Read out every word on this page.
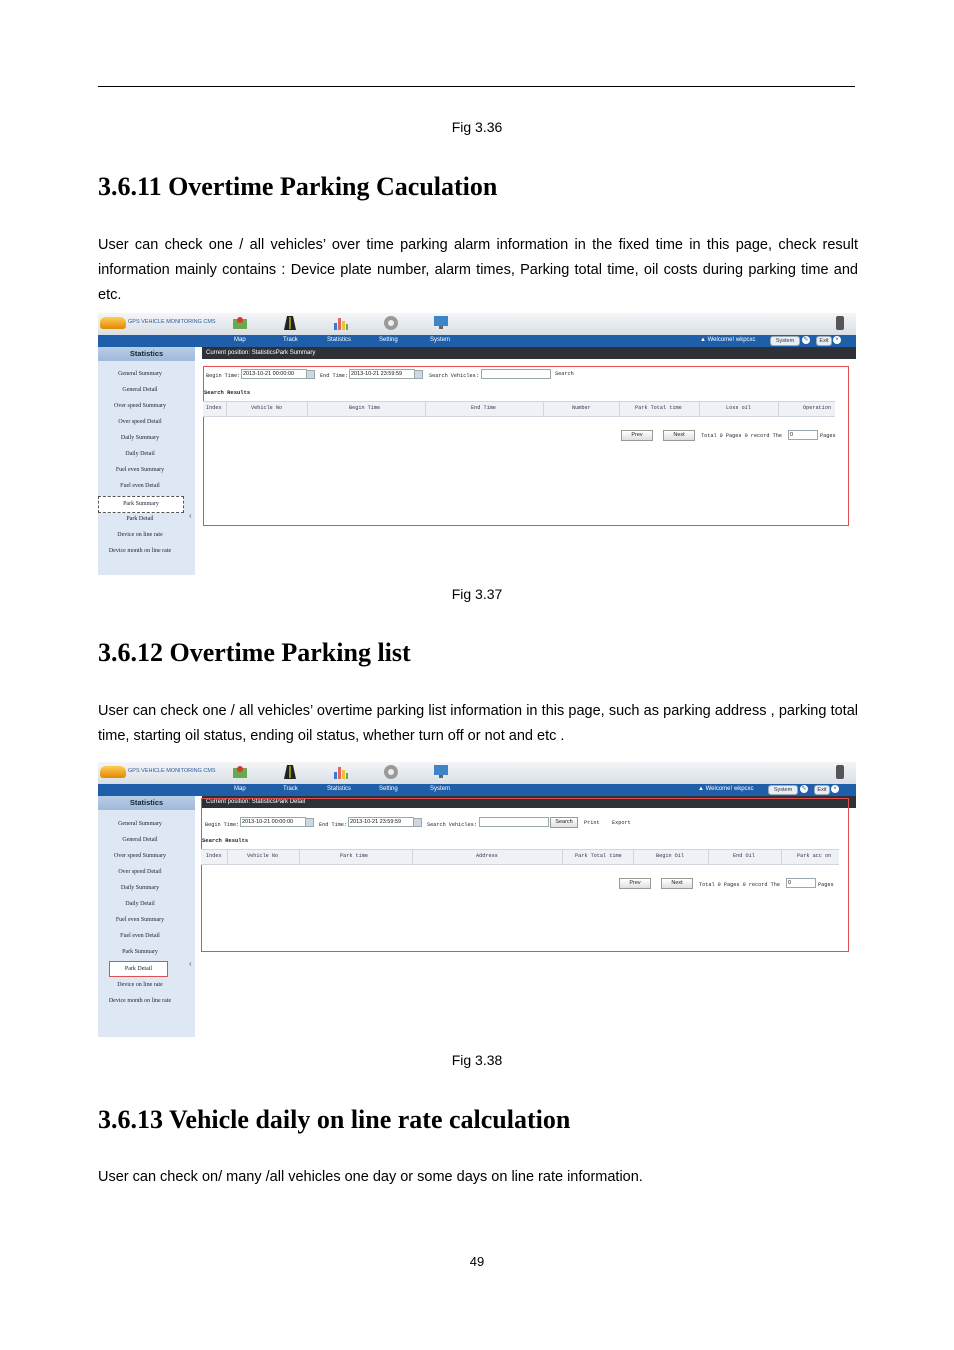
Fig 3.36
3.6.11 Overtime Parking Caculation

User can check one / all vehicles’ over time parking alarm information in the fixed time in this page, check result information mainly contains : Device plate number, alarm times, Parking total time, oil costs during parking time and etc.

GPS VEHICLE MONITORING CMS
Map	Track	Statistics	Setting	System	▲ Welcome! wkpcxc	System	✎	Exit	×
Statistics
General Summary
General Detail
Over speed Summary
Over speed Detail
Daily Summary
Daily Detail
Fuel even Summary
Fuel even Detail
Park Summary
Park Detail
Device on line rate
Device month on line rate
‹
Current position: StatisticsPark Summary
Begin Time: 2013-10-21 00:00:00	End Time: 2013-10-21 23:59:59	Search Vehicles:	Search
Search Results
Index	Vehicle No	Begin Time	End Time	Number	Park Total time	Loss oil	Operation
Prev	Next	Total 0 Pages 0 record The	0	Pages
Fig 3.37
3.6.12 Overtime Parking list

User can check one / all vehicles’ overtime parking list information in this page, such as parking address , parking total time, starting oil status, ending oil status, whether turn off or not and etc .

GPS VEHICLE MONITORING CMS
Map	Track	Statistics	Setting	System	▲ Welcome! wkpcxc	System	✎	Exit	×
Statistics
General Summary
General Detail
Over speed Summary
Over speed Detail
Daily Summary
Daily Detail
Fuel even Summary
Fuel even Detail
Park Summary
Park Detail
Device on line rate
Device month on line rate
‹
Current position: StatisticsPark Detail
Begin Time: 2013-10-21 00:00:00	End Time: 2013-10-21 23:59:59	Search Vehicles:	Search	Print Export
Search Results
Index	Vehicle No	Park time	Address	Park Total time	Begin Oil	End Oil	Park acc on
Prev	Next	Total 0 Pages 0 record The	0	Pages
Fig 3.38
3.6.13 Vehicle daily on line rate calculation

User can check on/ many /all vehicles one day or some days on line rate information.

49
